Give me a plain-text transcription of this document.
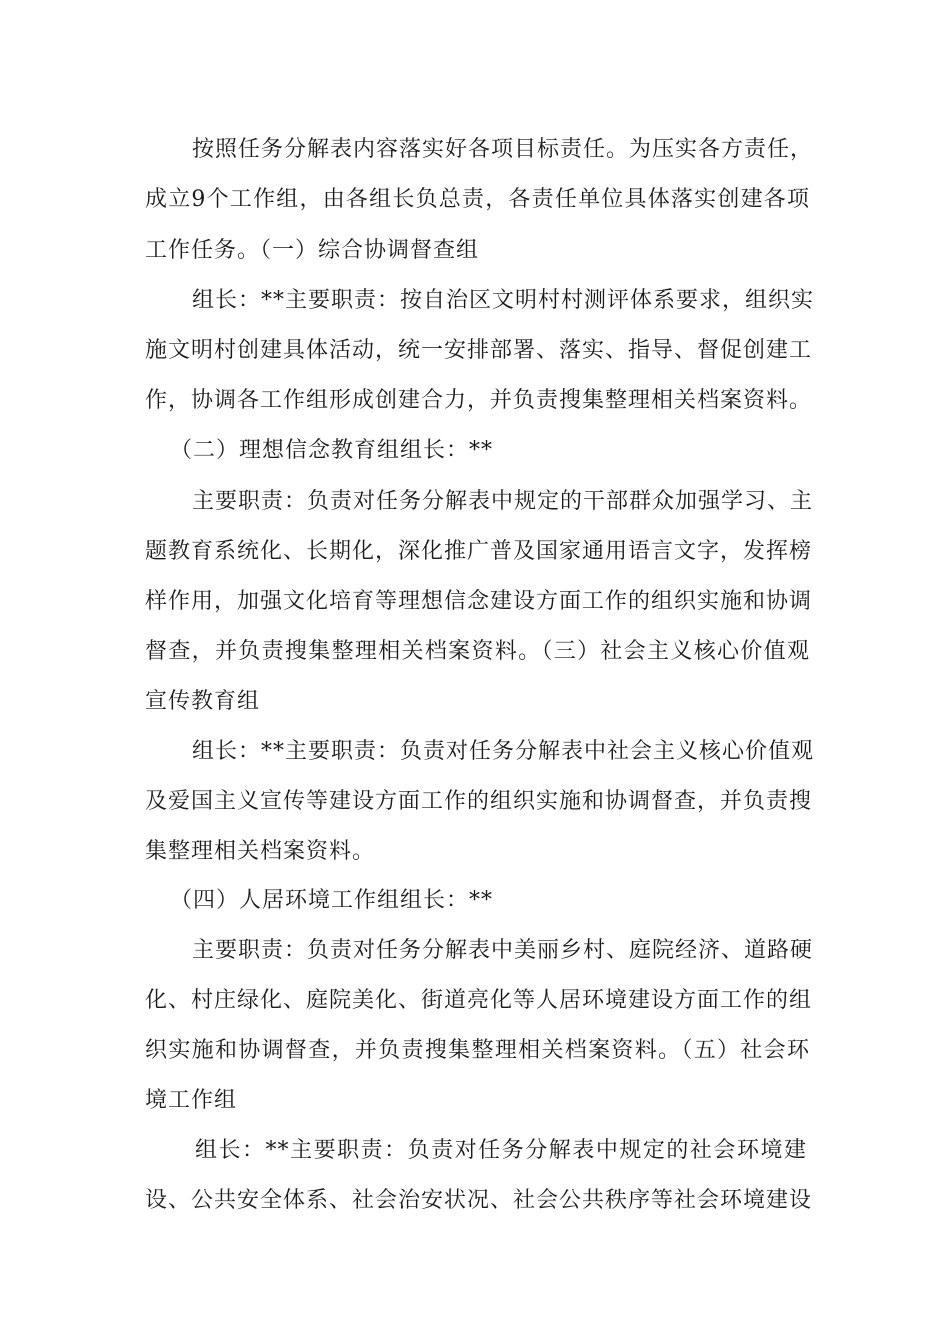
按照任务分解表内容落实好各项目标责任。为压实各方责任，
成立9个工作组，由各组长负总责，各责任单位具体落实创建各项
工作任务。（一）综合协调督查组
组长：**主要职责：按自治区文明村村测评体系要求，组织实
施文明村创建具体活动，统一安排部署、落实、指导、督促创建工
作，协调各工作组形成创建合力，并负责搜集整理相关档案资料。
（二）理想信念教育组组长：**
主要职责：负责对任务分解表中规定的干部群众加强学习、主
题教育系统化、长期化，深化推广普及国家通用语言文字，发挥榜
样作用，加强文化培育等理想信念建设方面工作的组织实施和协调
督查，并负责搜集整理相关档案资料。（三）社会主义核心价值观
宣传教育组
组长：**主要职责：负责对任务分解表中社会主义核心价值观
及爱国主义宣传等建设方面工作的组织实施和协调督查，并负责搜
集整理相关档案资料。
（四）人居环境工作组组长：**
主要职责：负责对任务分解表中美丽乡村、庭院经济、道路硬
化、村庄绿化、庭院美化、街道亮化等人居环境建设方面工作的组
织实施和协调督查，并负责搜集整理相关档案资料。（五）社会环
境工作组
组长：**主要职责：负责对任务分解表中规定的社会环境建
设、公共安全体系、社会治安状况、社会公共秩序等社会环境建设
